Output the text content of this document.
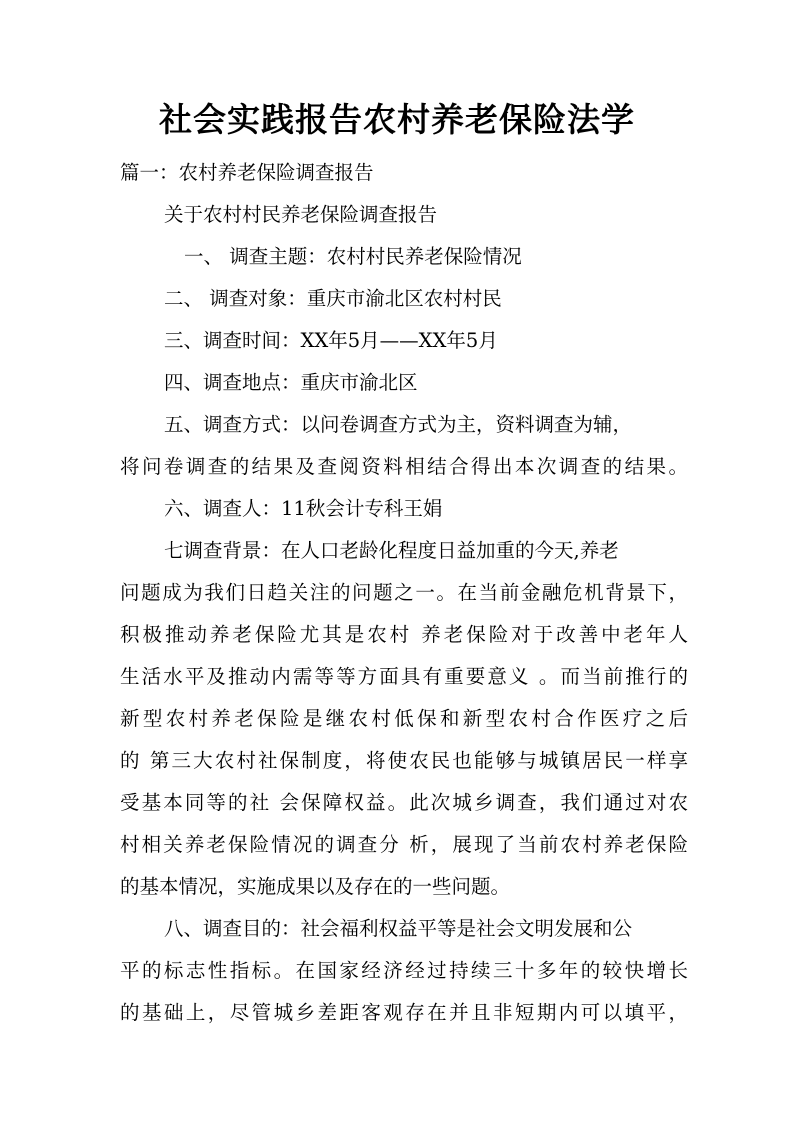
社会实践报告农村养老保险法学
篇一：农村养老保险调查报告
关于农村村民养老保险调查报告
一、 调查主题：农村村民养老保险情况
二、 调查对象：重庆市渝北区农村村民
三、调查时间：XX年5月——XX年5月
四、调查地点：重庆市渝北区
五、调查方式：以问卷调查方式为主，资料调查为辅，
将问卷调查的结果及查阅资料相结合得出本次调查的结果。
六、调查人：11秋会计专科王娟
七调查背景：在人口老龄化程度日益加重的今天,养老
问题成为我们日趋关注的问题之一。在当前金融危机背景下，
积极推动养老保险尤其是农村 养老保险对于改善中老年人
生活水平及推动内需等等方面具有重要意义 。而当前推行的
新型农村养老保险是继农村低保和新型农村合作医疗之后
的 第三大农村社保制度，将使农民也能够与城镇居民一样享
受基本同等的社 会保障权益。此次城乡调查，我们通过对农
村相关养老保险情况的调查分 析，展现了当前农村养老保险
的基本情况，实施成果以及存在的一些问题。
八、调查目的：社会福利权益平等是社会文明发展和公
平的标志性指标。在国家经济经过持续三十多年的较快增长
的基础上，尽管城乡差距客观存在并且非短期内可以填平，
